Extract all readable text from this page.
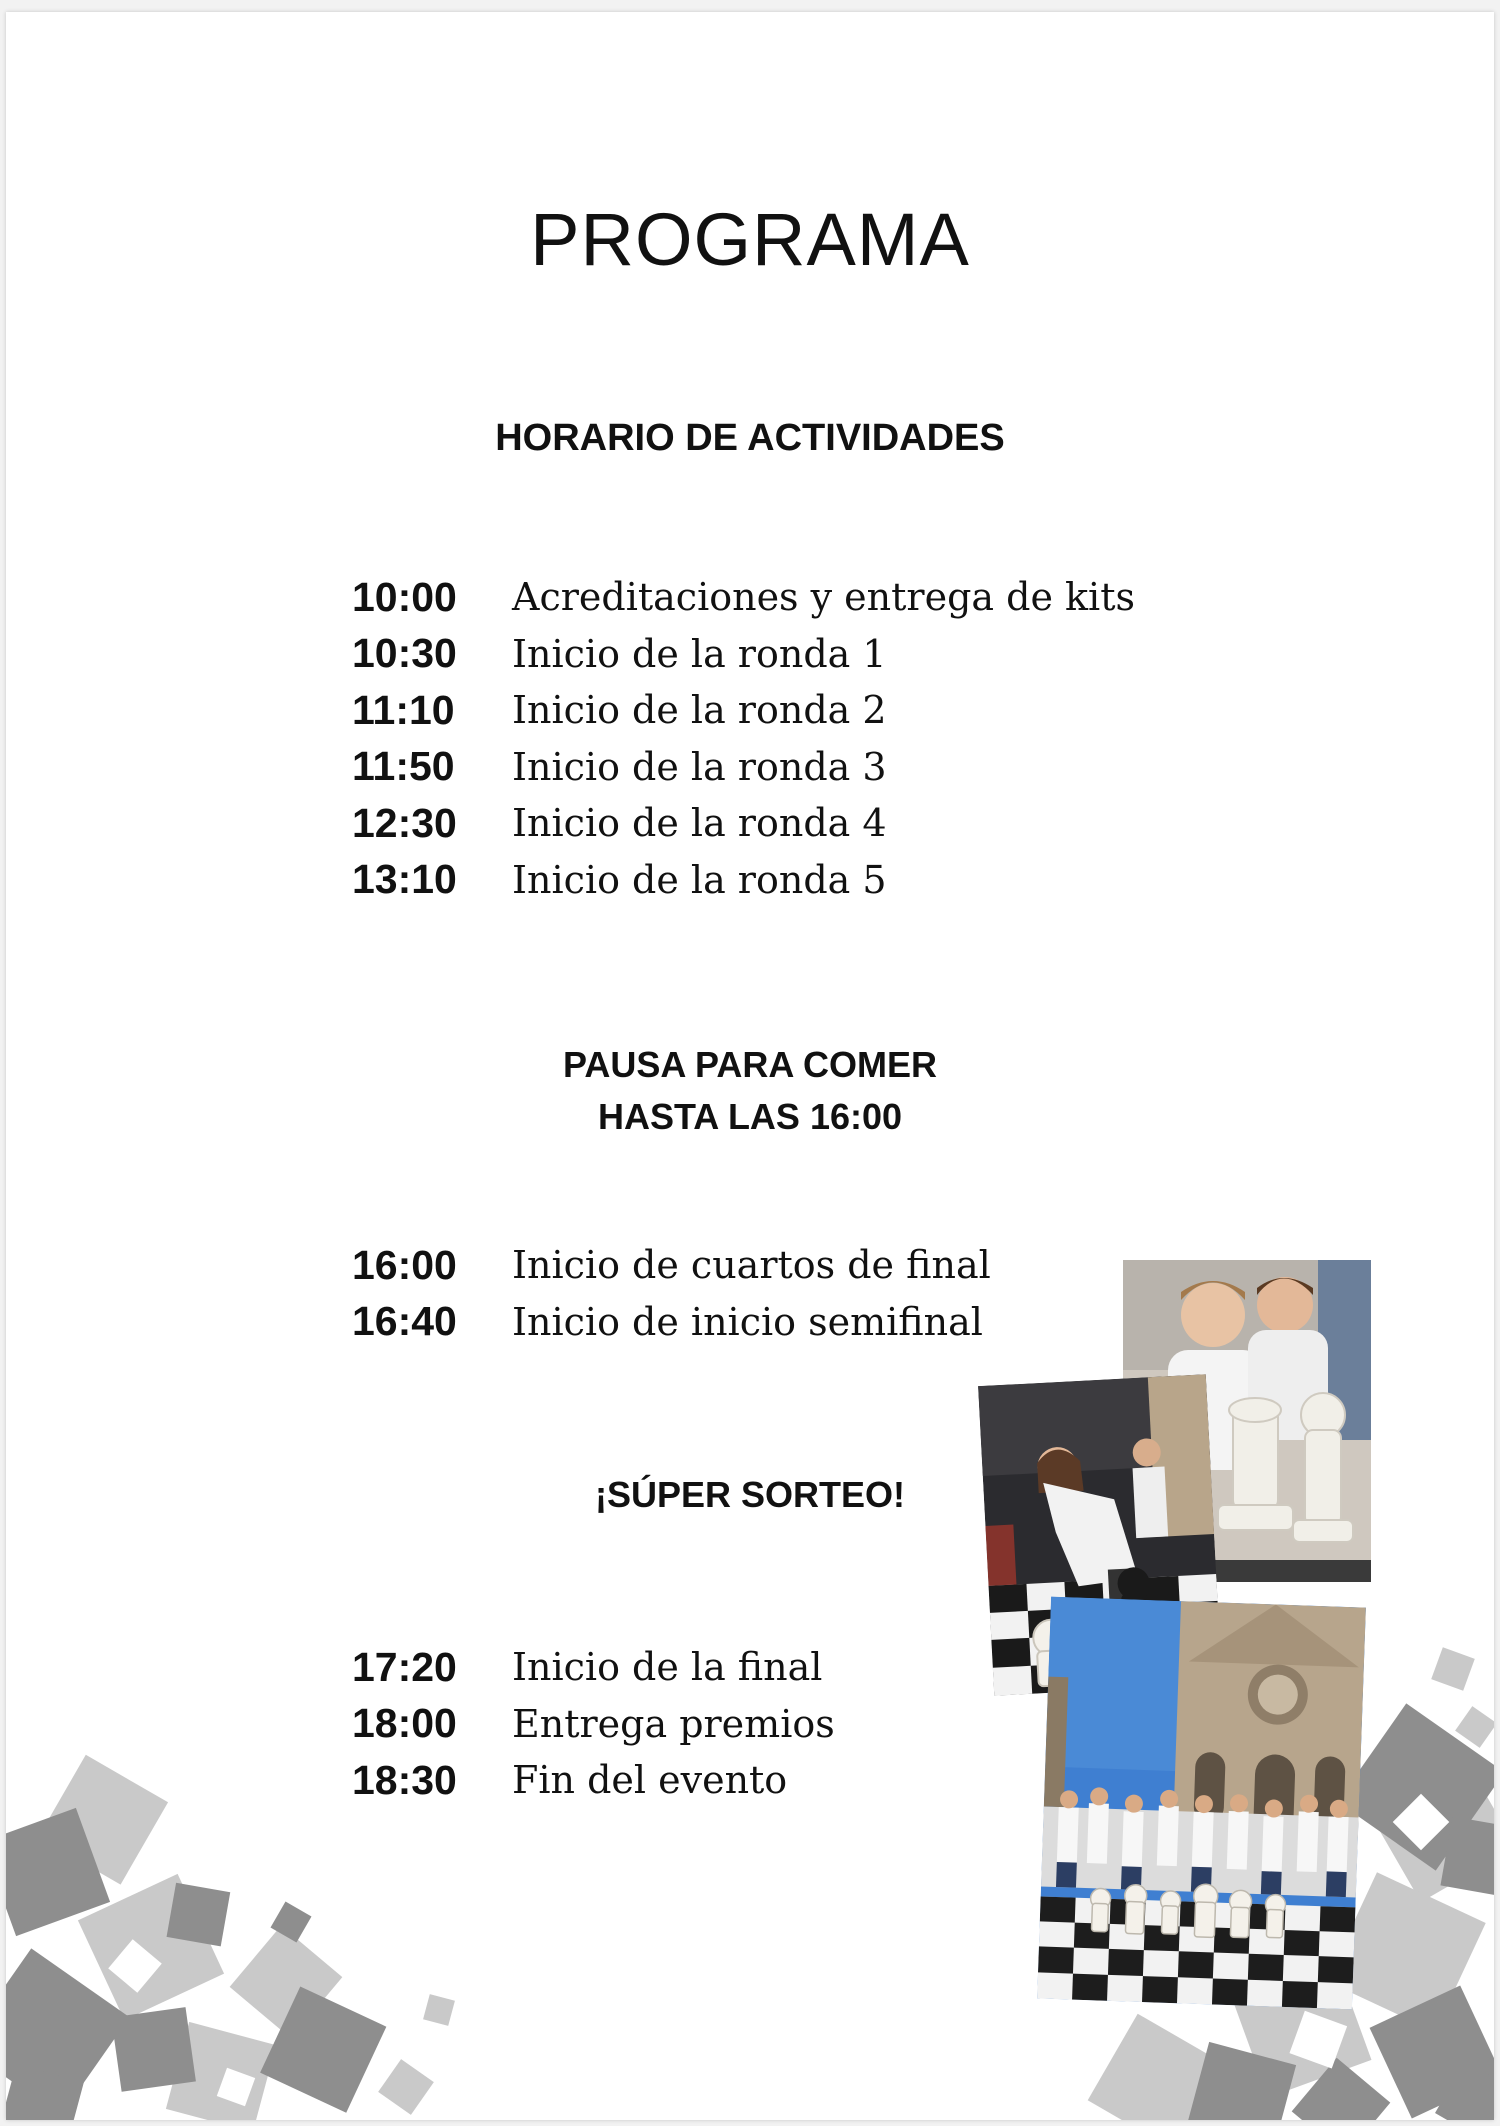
PROGRAMA
HORARIO DE ACTIVIDADES
10:00	Acreditaciones y entrega de kits
10:30	Inicio de la ronda 1
11:10	Inicio de la ronda 2
11:50	Inicio de la ronda 3
12:30	Inicio de la ronda 4
13:10	Inicio de la ronda 5
PAUSA PARA COMER
HASTA LAS 16:00
16:00	Inicio de cuartos de final
16:40	Inicio de inicio semifinal
¡SÚPER SORTEO!
17:20	Inicio de la final
18:00	Entrega premios
18:30	Fin del evento
